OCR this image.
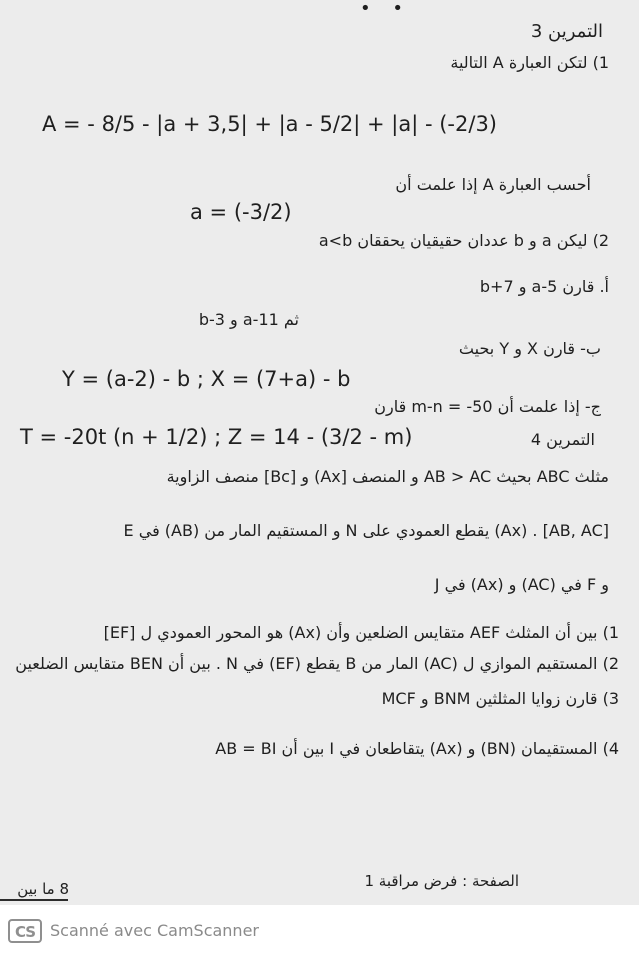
• •
التمرين 3
1) لتكن العبارة A التالية
A = - 8/5 - |a + 3,5| + |a - 5/2| + |a| - (-2/3)
أحسب العبارة A إذا علمت أن
a = (-3/2)
2) ليكن a و b عددان حقيقيان يحققان a<b
أ. قارن a-5 و b+7
ثم a-11 و 3-b
ب- قارن X و Y بحيث
Y = (a-2) - b ; X = (7+a) - b
ج- إذا علمت أن m-n = -50 قارن
T = -20t (n + 1/2) ; Z = 14 - (3/2 - m)	التمرين 4
مثلث ABC بحيث AB > AC و المنصف [Ax) و [Bc] منصف الزاوية
E في (AB) و المستقيم المار من N يقطع العمودي على (Ax) . [AB, AC]
و F في (AC) و (Ax) في J
1) بين أن المثلث AEF متقايس الضلعين وأن (Ax) هو المحور العمودي ل [EF]
2) المستقيم الموازي ل (AC) المار من B يقطع (EF) في N . بين أن BEN متقايس الضلعين
3) قارن زوايا المثلثين BNM و MCF
4) المستقيمان (BN) و (Ax) يتقاطعان في I بين أن AB = BI
الصفحة : فرض مراقبة 1
8 ما بين
CS Scanné avec CamScanner
